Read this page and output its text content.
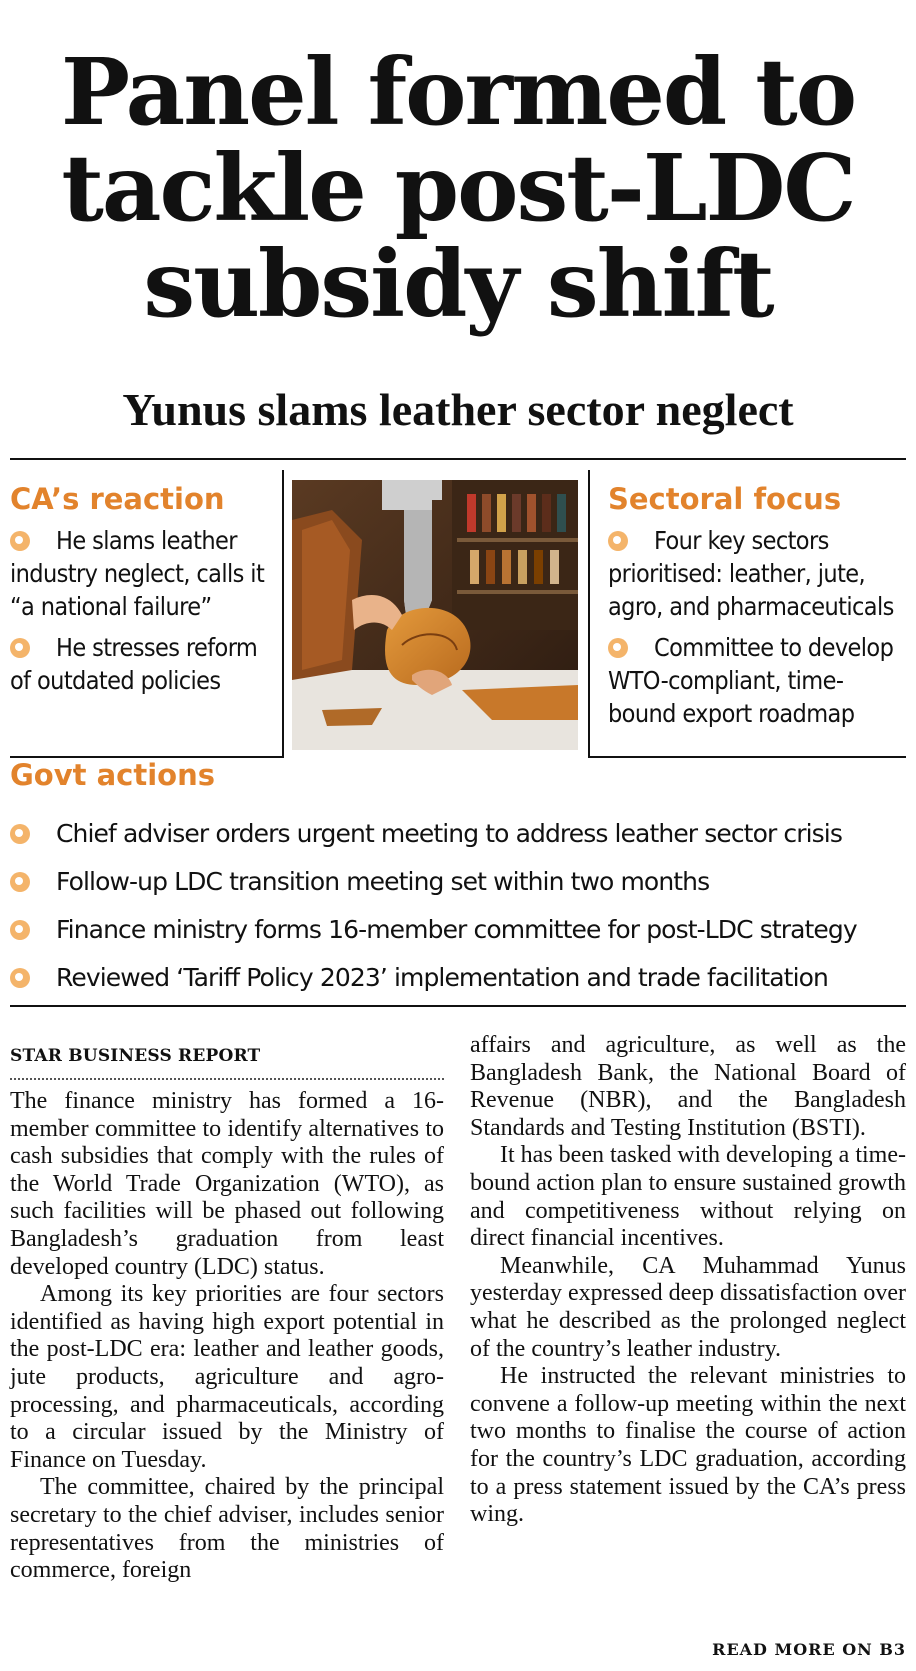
Panel formed to
tackle post-LDC
subsidy shift
Yunus slams leather sector neglect
CA’s reaction
He slams leather industry neglect, calls it “a national failure”
He stresses reform of outdated policies
Sectoral focus
Four key sectors prioritised: leather, jute, agro, and pharmaceuticals
Committee to develop WTO-compliant, time-bound export roadmap
Govt actions
Chief adviser orders urgent meeting to address leather sector crisis
Follow-up LDC transition meeting set within two months
Finance ministry forms 16-member committee for post-LDC strategy
Reviewed ‘Tariff Policy 2023’ implementation and trade facilitation
STAR BUSINESS REPORT

The finance ministry has formed a 16-member committee to identify alternatives to cash subsidies that comply with the rules of the World Trade Organization (WTO), as such facilities will be phased out following Bangladesh’s graduation from least developed country (LDC) status.

Among its key priorities are four sectors identified as having high export potential in the post-LDC era: leather and leather goods, jute products, agriculture and agro-processing, and pharmaceuticals, according to a circular issued by the Ministry of Finance on Tuesday.

The committee, chaired by the principal secretary to the chief adviser, includes senior representatives from the ministries of commerce, foreign

affairs and agriculture, as well as the Bangladesh Bank, the National Board of Revenue (NBR), and the Bangladesh Standards and Testing Institution (BSTI).

It has been tasked with developing a time-bound action plan to ensure sustained growth and competitiveness without relying on direct financial incentives.

Meanwhile, CA Muhammad Yunus yesterday expressed deep dissatisfaction over what he described as the prolonged neglect of the country’s leather industry.

He instructed the relevant ministries to convene a follow-up meeting within the next two months to finalise the course of action for the country’s LDC graduation, according to a press statement issued by the CA’s press wing.

READ MORE ON B3
